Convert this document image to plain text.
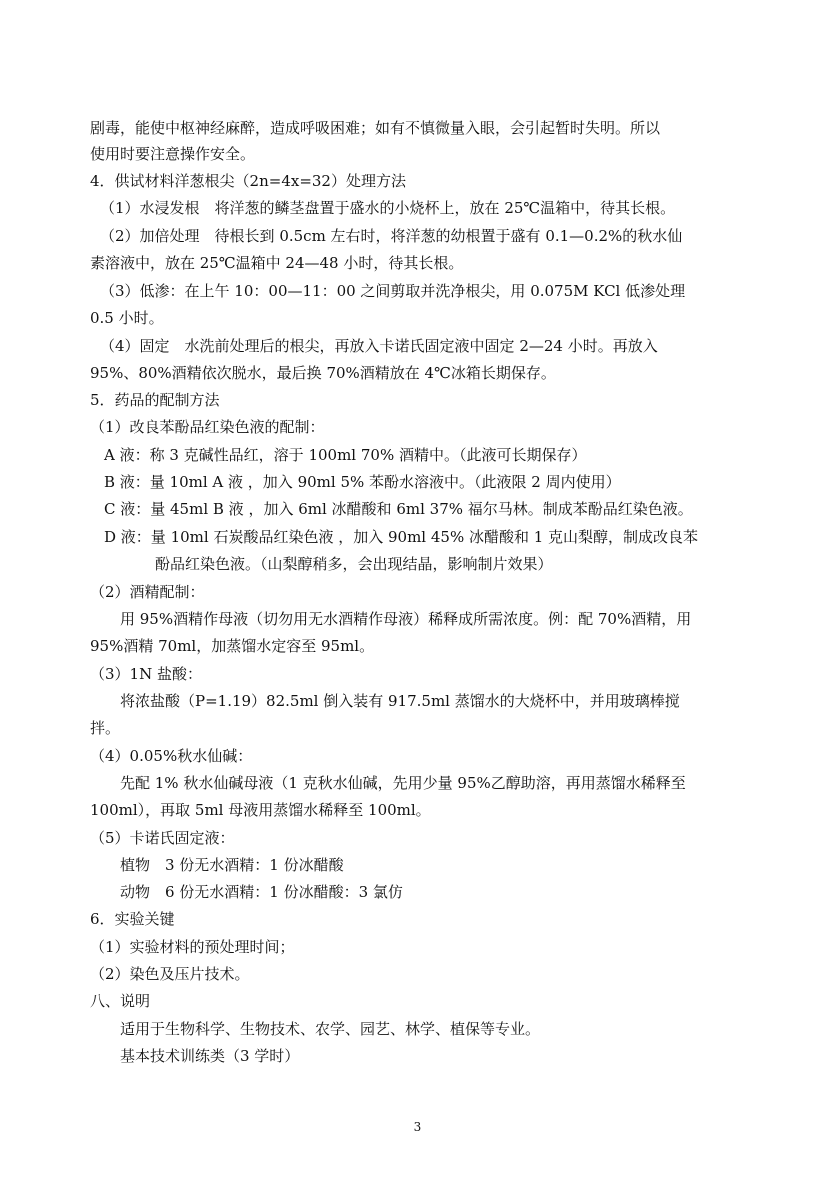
剧毒，能使中枢神经麻醉，造成呼吸困难；如有不慎微量入眼，会引起暂时失明。所以
使用时要注意操作安全。
4．供试材料洋葱根尖（2n=4x=32）处理方法
（1）水浸发根　将洋葱的鳞茎盘置于盛水的小烧杯上，放在 25℃温箱中，待其长根。
（2）加倍处理　待根长到 0.5cm 左右时，将洋葱的幼根置于盛有 0.1—0.2%的秋水仙
素溶液中，放在 25℃温箱中 24—48 小时，待其长根。
（3）低渗：在上午 10：00—11：00 之间剪取并洗净根尖，用 0.075M KCl 低渗处理
0.5 小时。
（4）固定　水洗前处理后的根尖，再放入卡诺氏固定液中固定 2—24 小时。再放入
95%、80%酒精依次脱水，最后换 70%酒精放在 4℃冰箱长期保存。
5．药品的配制方法
（1）改良苯酚品红染色液的配制：
A 液：称 3 克碱性品红，溶于 100ml 70% 酒精中。（此液可长期保存）
B 液：量 10ml A 液 ，加入 90ml 5% 苯酚水溶液中。（此液限 2 周内使用）
C 液：量 45ml B 液 ，加入 6ml 冰醋酸和 6ml 37% 福尔马林。制成苯酚品红染色液。
D 液：量 10ml 石炭酸品红染色液 ，加入 90ml 45% 冰醋酸和 1 克山梨醇，制成改良苯
酚品红染色液。（山梨醇稍多，会出现结晶，影响制片效果）
（2）酒精配制：
用 95%酒精作母液（切勿用无水酒精作母液）稀释成所需浓度。例：配 70%酒精，用
95%酒精 70ml，加蒸馏水定容至 95ml。
（3）1N 盐酸：
将浓盐酸（P=1.19）82.5ml 倒入装有 917.5ml 蒸馏水的大烧杯中，并用玻璃棒搅
拌。
（4）0.05%秋水仙碱：
先配 1% 秋水仙碱母液（1 克秋水仙碱，先用少量 95%乙醇助溶，再用蒸馏水稀释至
100ml），再取 5ml 母液用蒸馏水稀释至 100ml。
（5）卡诺氏固定液：
植物　3 份无水酒精：1 份冰醋酸
动物　6 份无水酒精：1 份冰醋酸：3 氯仿
6．实验关键
（1）实验材料的预处理时间；
（2）染色及压片技术。
八、说明
适用于生物科学、生物技术、农学、园艺、林学、植保等专业。
基本技术训练类（3 学时）
3
